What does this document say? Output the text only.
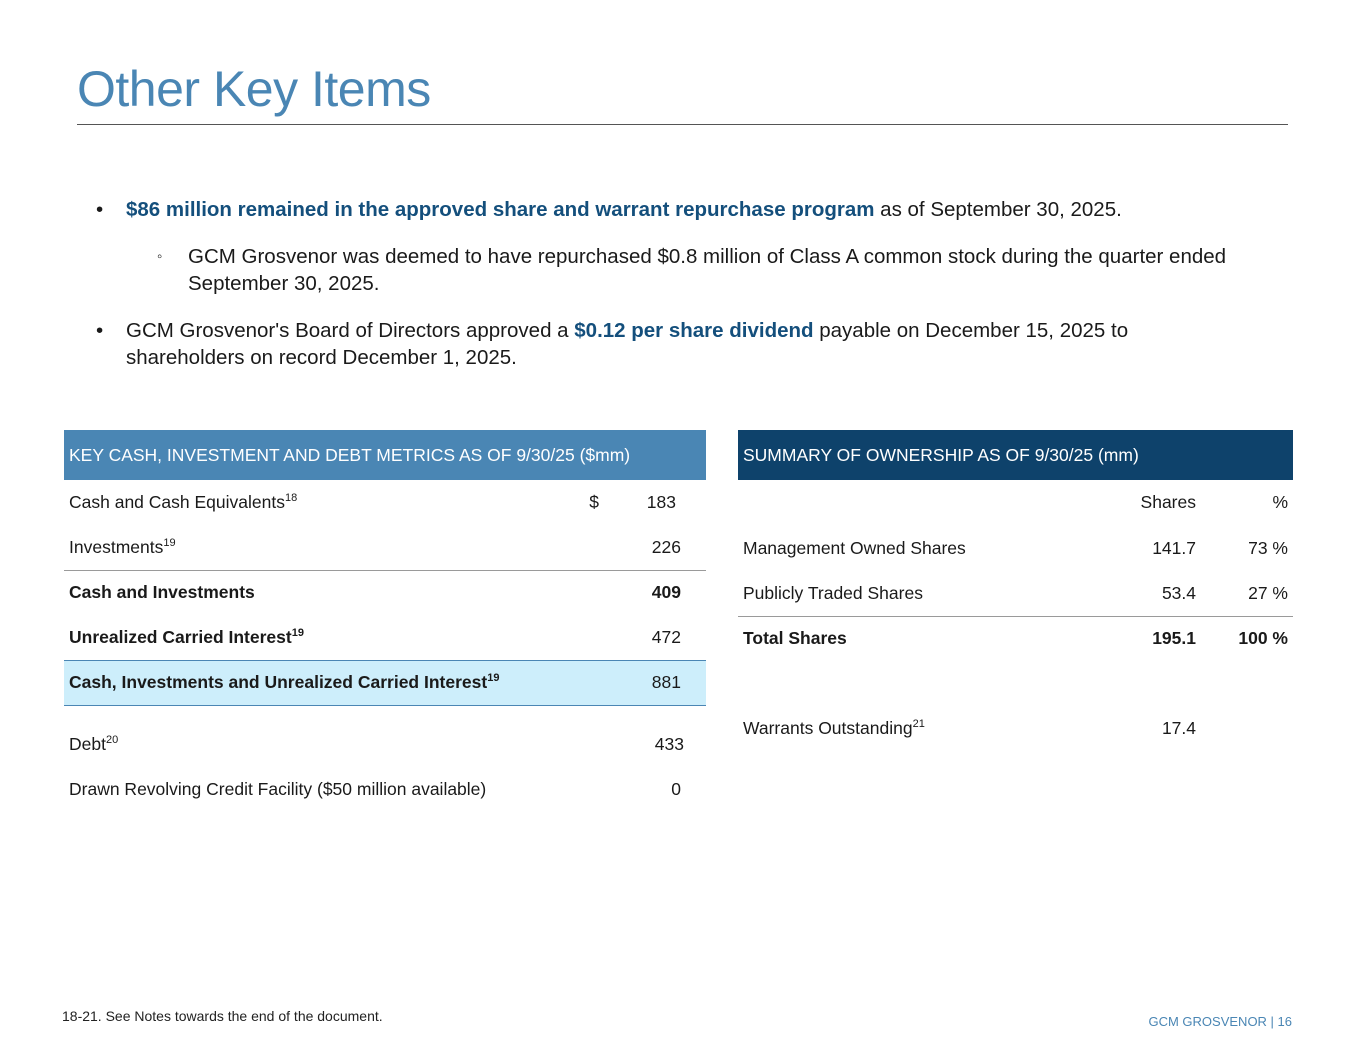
Other Key Items
• $86 million remained in the approved share and warrant repurchase program as of September 30, 2025.
◦ GCM Grosvenor was deemed to have repurchased $0.8 million of Class A common stock during the quarter ended September 30, 2025.
• GCM Grosvenor's Board of Directors approved a $0.12 per share dividend payable on December 15, 2025 to shareholders on record December 1, 2025.
KEY CASH, INVESTMENT AND DEBT METRICS AS OF 9/30/25 ($mm)			
Cash and Cash Equivalents$^{18}$	$	183	
Investments$^{19}$		226	
Cash and Investments		409	
Unrealized Carried Interest$^{19}$		472	
Cash, Investments and Unrealized Carried Interest$^{19}$		881	
Debt$^{20}$		433	
Drawn Revolving Credit Facility ($50 million available)		0	
SUMMARY OF OWNERSHIP AS OF 9/30/25 (mm)		
	Shares	%
Management Owned Shares	141.7	73 %
Publicly Traded Shares	53.4	27 %
Total Shares	195.1	100 %

Warrants Outstanding$^{21}$	17.4	
18-21. See Notes towards the end of the document.	GCM GROSVENOR | 16
